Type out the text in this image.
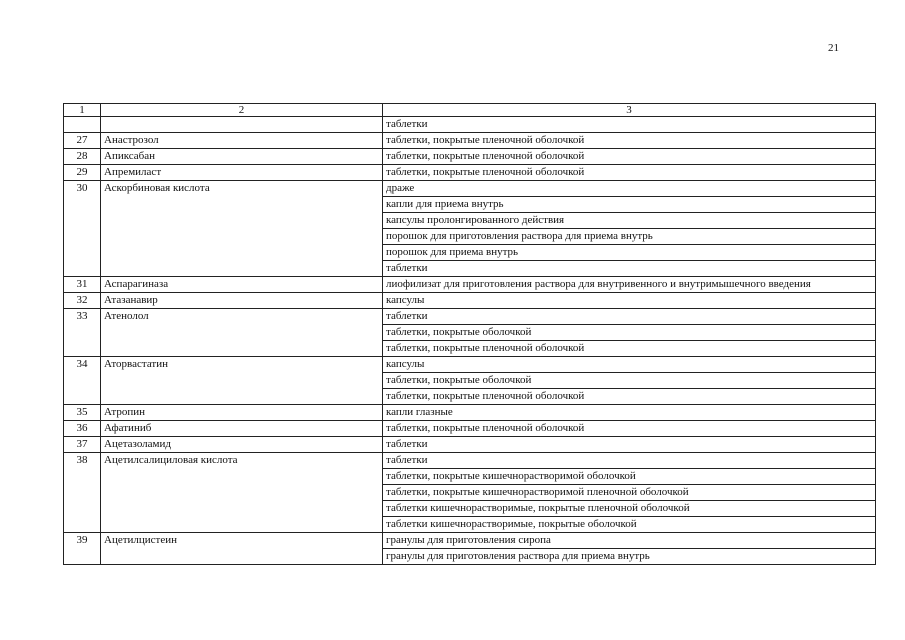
21
1	2	3
		таблетки
27	Анастрозол	таблетки, покрытые пленочной оболочкой
28	Апиксабан	таблетки, покрытые пленочной оболочкой
29	Апремиласт	таблетки, покрытые пленочной оболочкой
30	Аскорбиновая кислота	драже
		капли для приема внутрь
		капсулы пролонгированного действия
		порошок для приготовления раствора для приема внутрь
		порошок для приема внутрь
		таблетки
31	Аспарагиназа	лиофилизат для приготовления раствора для внутривенного и внутримышечного введения
32	Атазанавир	капсулы
33	Атенолол	таблетки
		таблетки, покрытые оболочкой
		таблетки, покрытые пленочной оболочкой
34	Аторвастатин	капсулы
		таблетки, покрытые оболочкой
		таблетки, покрытые пленочной оболочкой
35	Атропин	капли глазные
36	Афатиниб	таблетки, покрытые пленочной оболочкой
37	Ацетазоламид	таблетки
38	Ацетилсалициловая кислота	таблетки
		таблетки, покрытые кишечнорастворимой оболочкой
		таблетки, покрытые кишечнорастворимой пленочной оболочкой
		таблетки кишечнорастворимые, покрытые пленочной оболочкой
		таблетки кишечнорастворимые, покрытые оболочкой
39	Ацетилцистеин	гранулы для приготовления сиропа
		гранулы для приготовления раствора для приема внутрь
